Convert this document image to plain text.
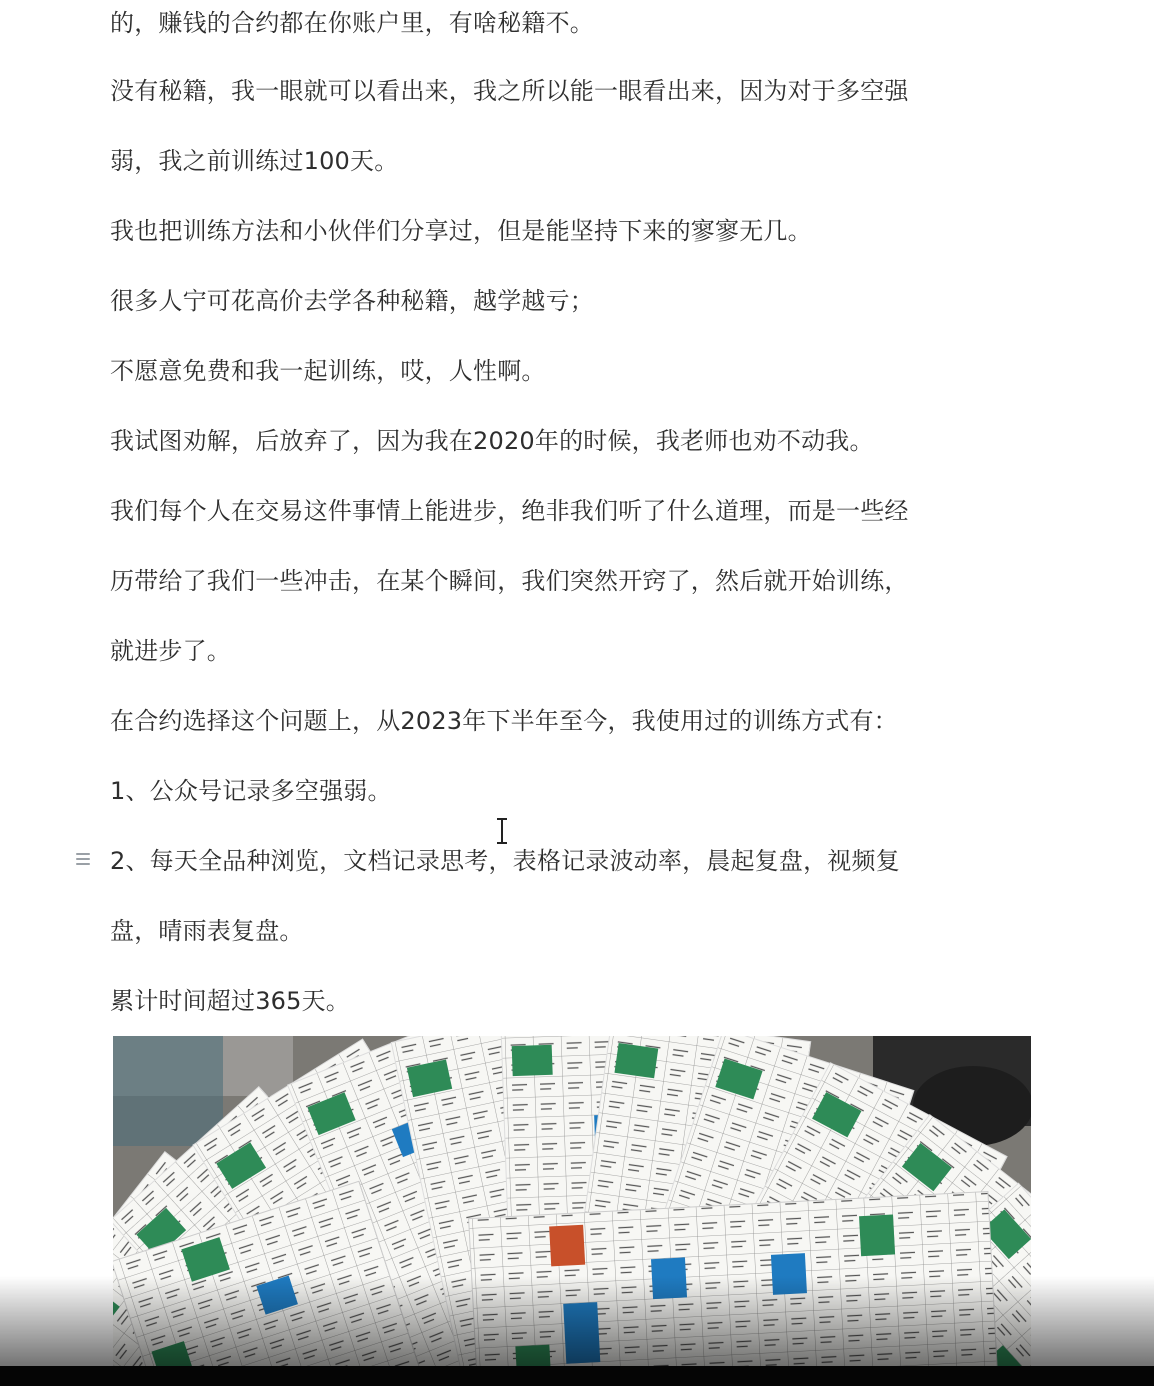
的，赚钱的合约都在你账户里，有啥秘籍不。

没有秘籍，我一眼就可以看出来，我之所以能一眼看出来，因为对于多空强

弱，我之前训练过100天。

我也把训练方法和小伙伴们分享过，但是能坚持下来的寥寥无几。

很多人宁可花高价去学各种秘籍，越学越亏；

不愿意免费和我一起训练，哎，人性啊。

我试图劝解，后放弃了，因为我在2020年的时候，我老师也劝不动我。

我们每个人在交易这件事情上能进步，绝非我们听了什么道理，而是一些经

历带给了我们一些冲击，在某个瞬间，我们突然开窍了，然后就开始训练，

就进步了。

在合约选择这个问题上，从2023年下半年至今，我使用过的训练方式有：

1、公众号记录多空强弱。

2、每天全品种浏览，文档记录思考，表格记录波动率，晨起复盘，视频复

盘，晴雨表复盘。

累计时间超过365天。
